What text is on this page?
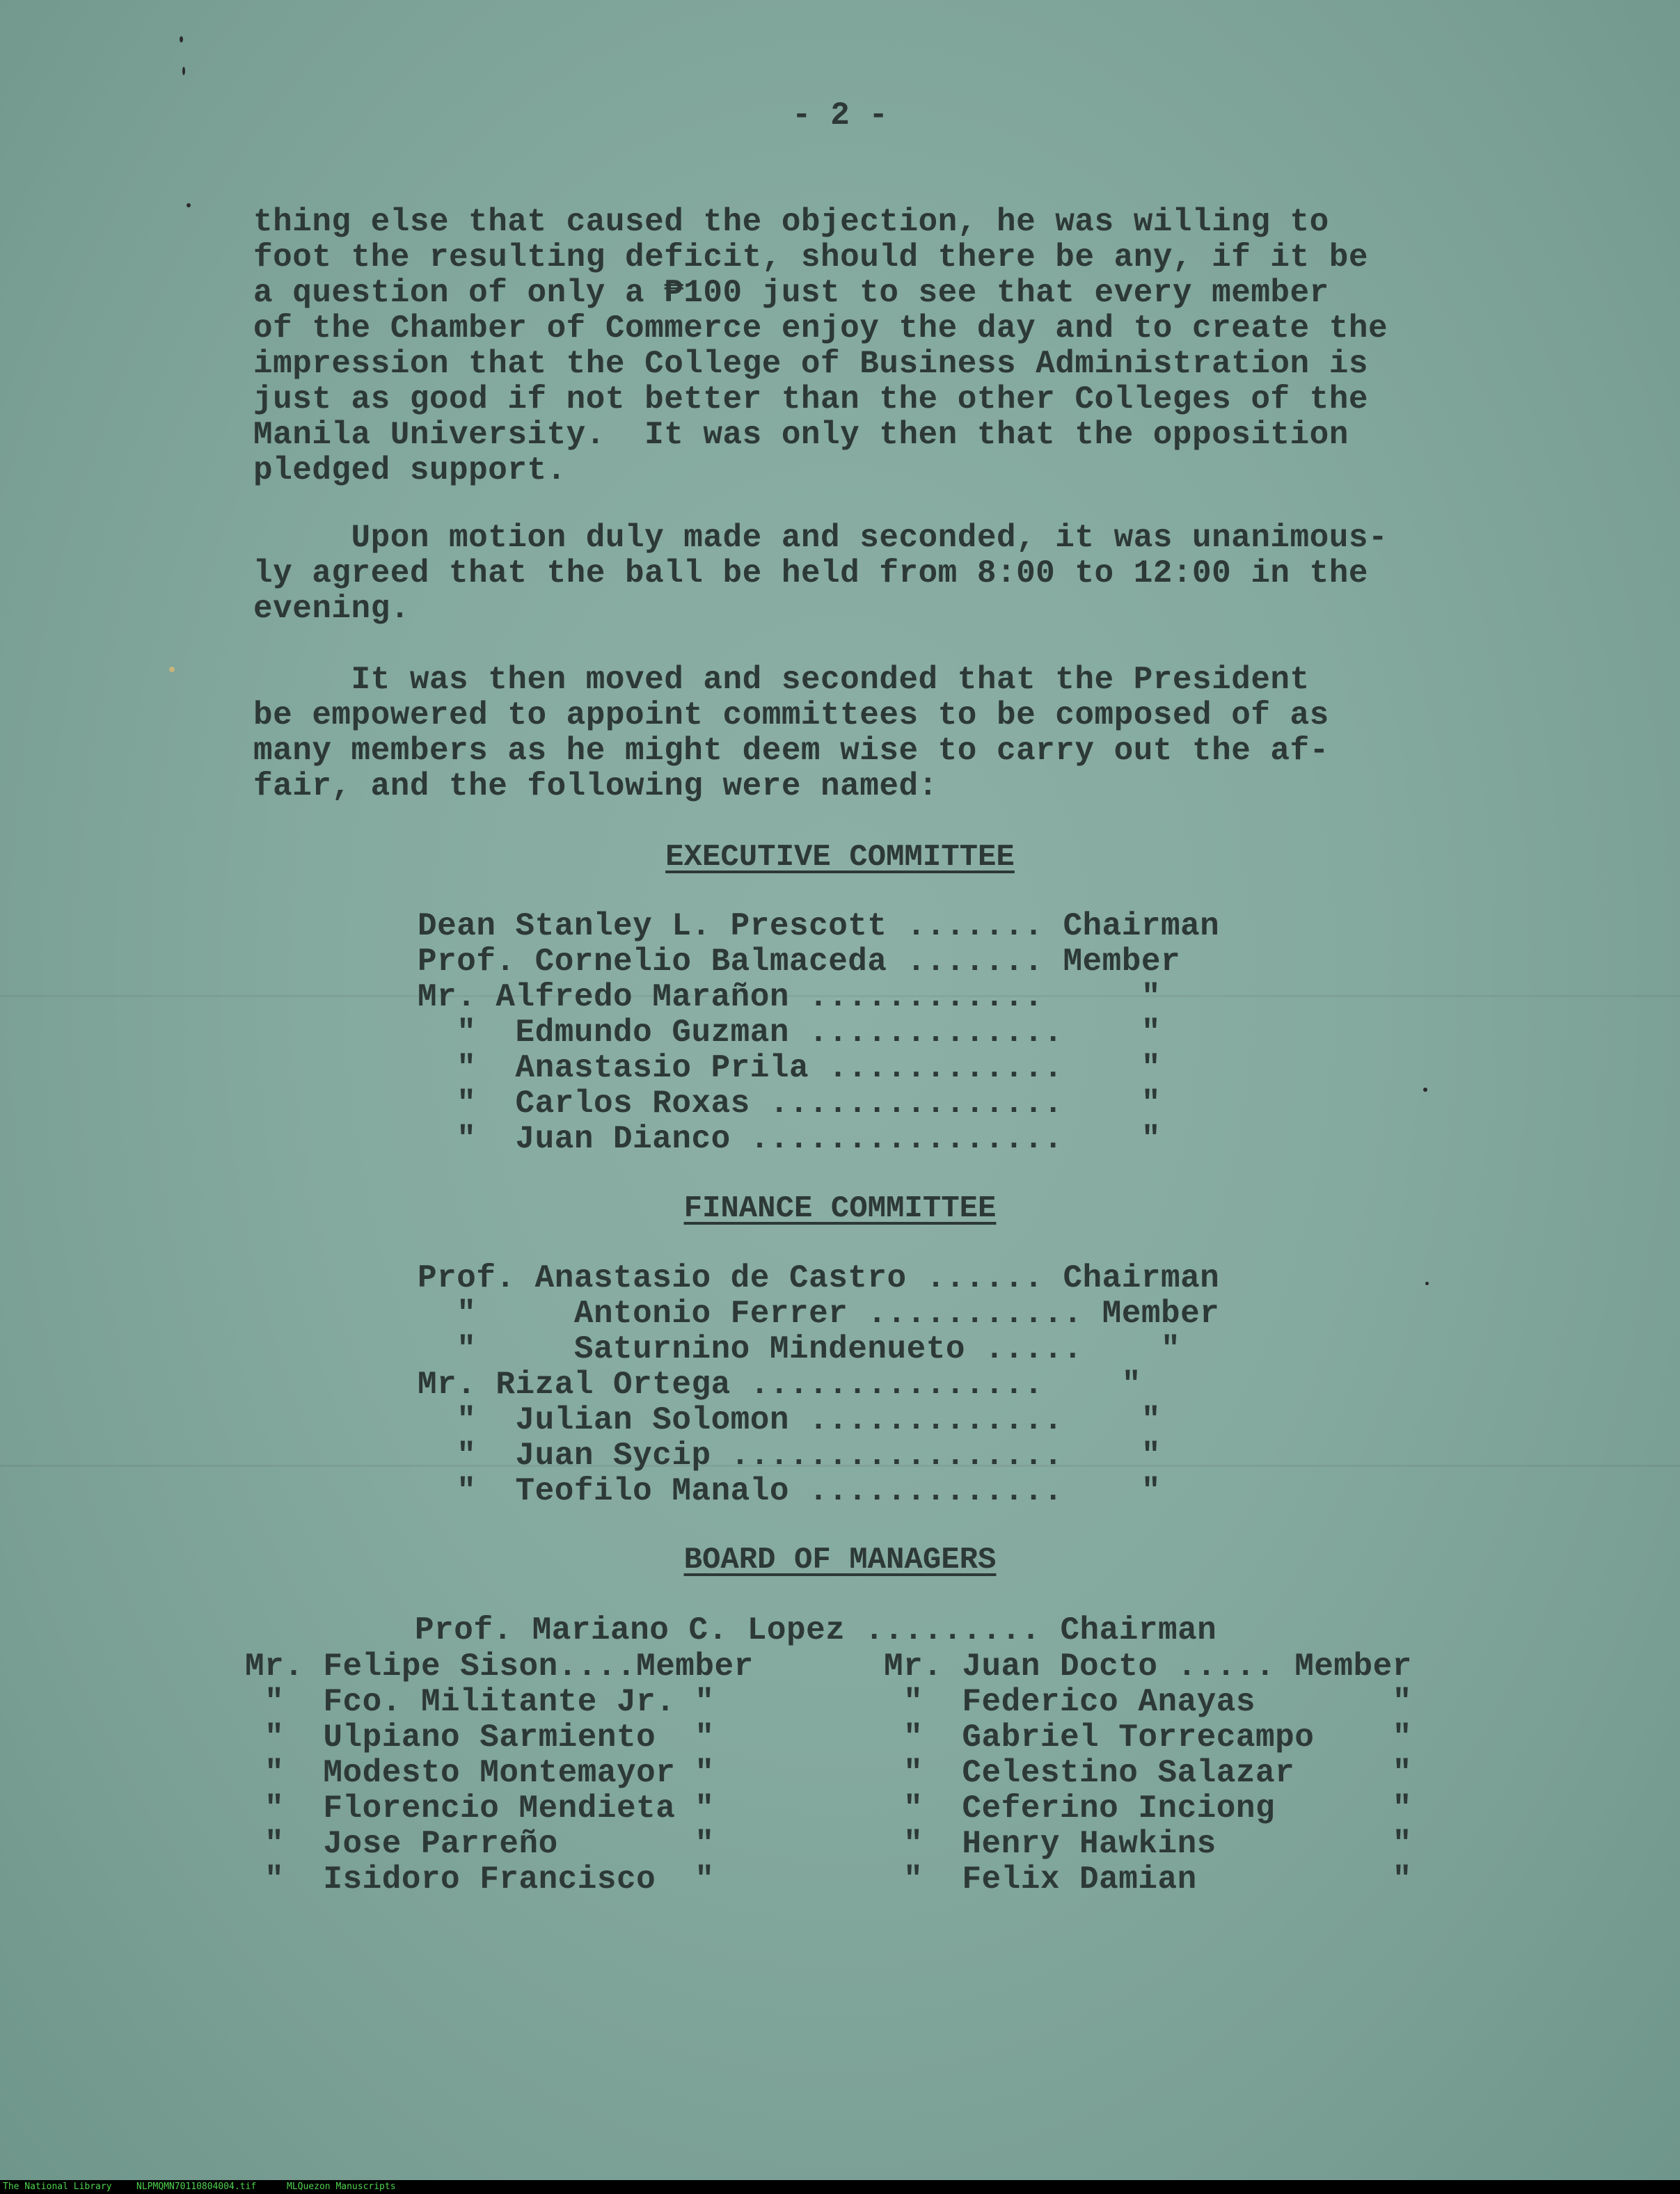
- 2 -
thing else that caused the objection, he was willing to
foot the resulting deficit, should there be any, if it be
a question of only a ₱100 just to see that every member
of the Chamber of Commerce enjoy the day and to create the
impression that the College of Business Administration is
just as good if not better than the other Colleges of the
Manila University.  It was only then that the opposition
pledged support.
Upon motion duly made and seconded, it was unanimous-
ly agreed that the ball be held from 8:00 to 12:00 in the
evening.
It was then moved and seconded that the President
be empowered to appoint committees to be composed of as
many members as he might deem wise to carry out the af-
fair, and the following were named:
EXECUTIVE COMMITTEE
Dean Stanley L. Prescott ....... Chairman
Prof. Cornelio Balmaceda ....... Member
Mr. Alfredo Marañon ............     "
"  Edmundo Guzman .............    "
"  Anastasio Prila ............    "
"  Carlos Roxas ...............    "
"  Juan Dianco ................    "
FINANCE COMMITTEE
Prof. Anastasio de Castro ...... Chairman
"     Antonio Ferrer ........... Member
"     Saturnino Mindenueto .....    "
Mr. Rizal Ortega ...............    "
"  Julian Solomon .............    "
"  Juan Sycip .................    "
"  Teofilo Manalo .............    "
BOARD OF MANAGERS
Prof. Mariano C. Lopez ......... Chairman
Mr. Felipe Sison....Member
"  Fco. Militante Jr. "
"  Ulpiano Sarmiento  "
"  Modesto Montemayor "
"  Florencio Mendieta "
"  Jose Parreño       "
"  Isidoro Francisco  "
Mr. Juan Docto ..... Member
"  Federico Anayas       "
"  Gabriel Torrecampo    "
"  Celestino Salazar     "
"  Ceferino Inciong      "
"  Henry Hawkins         "
"  Felix Damian          "
The National Library	NLPMQMN70110804004.tif	MLQuezon Manuscripts
